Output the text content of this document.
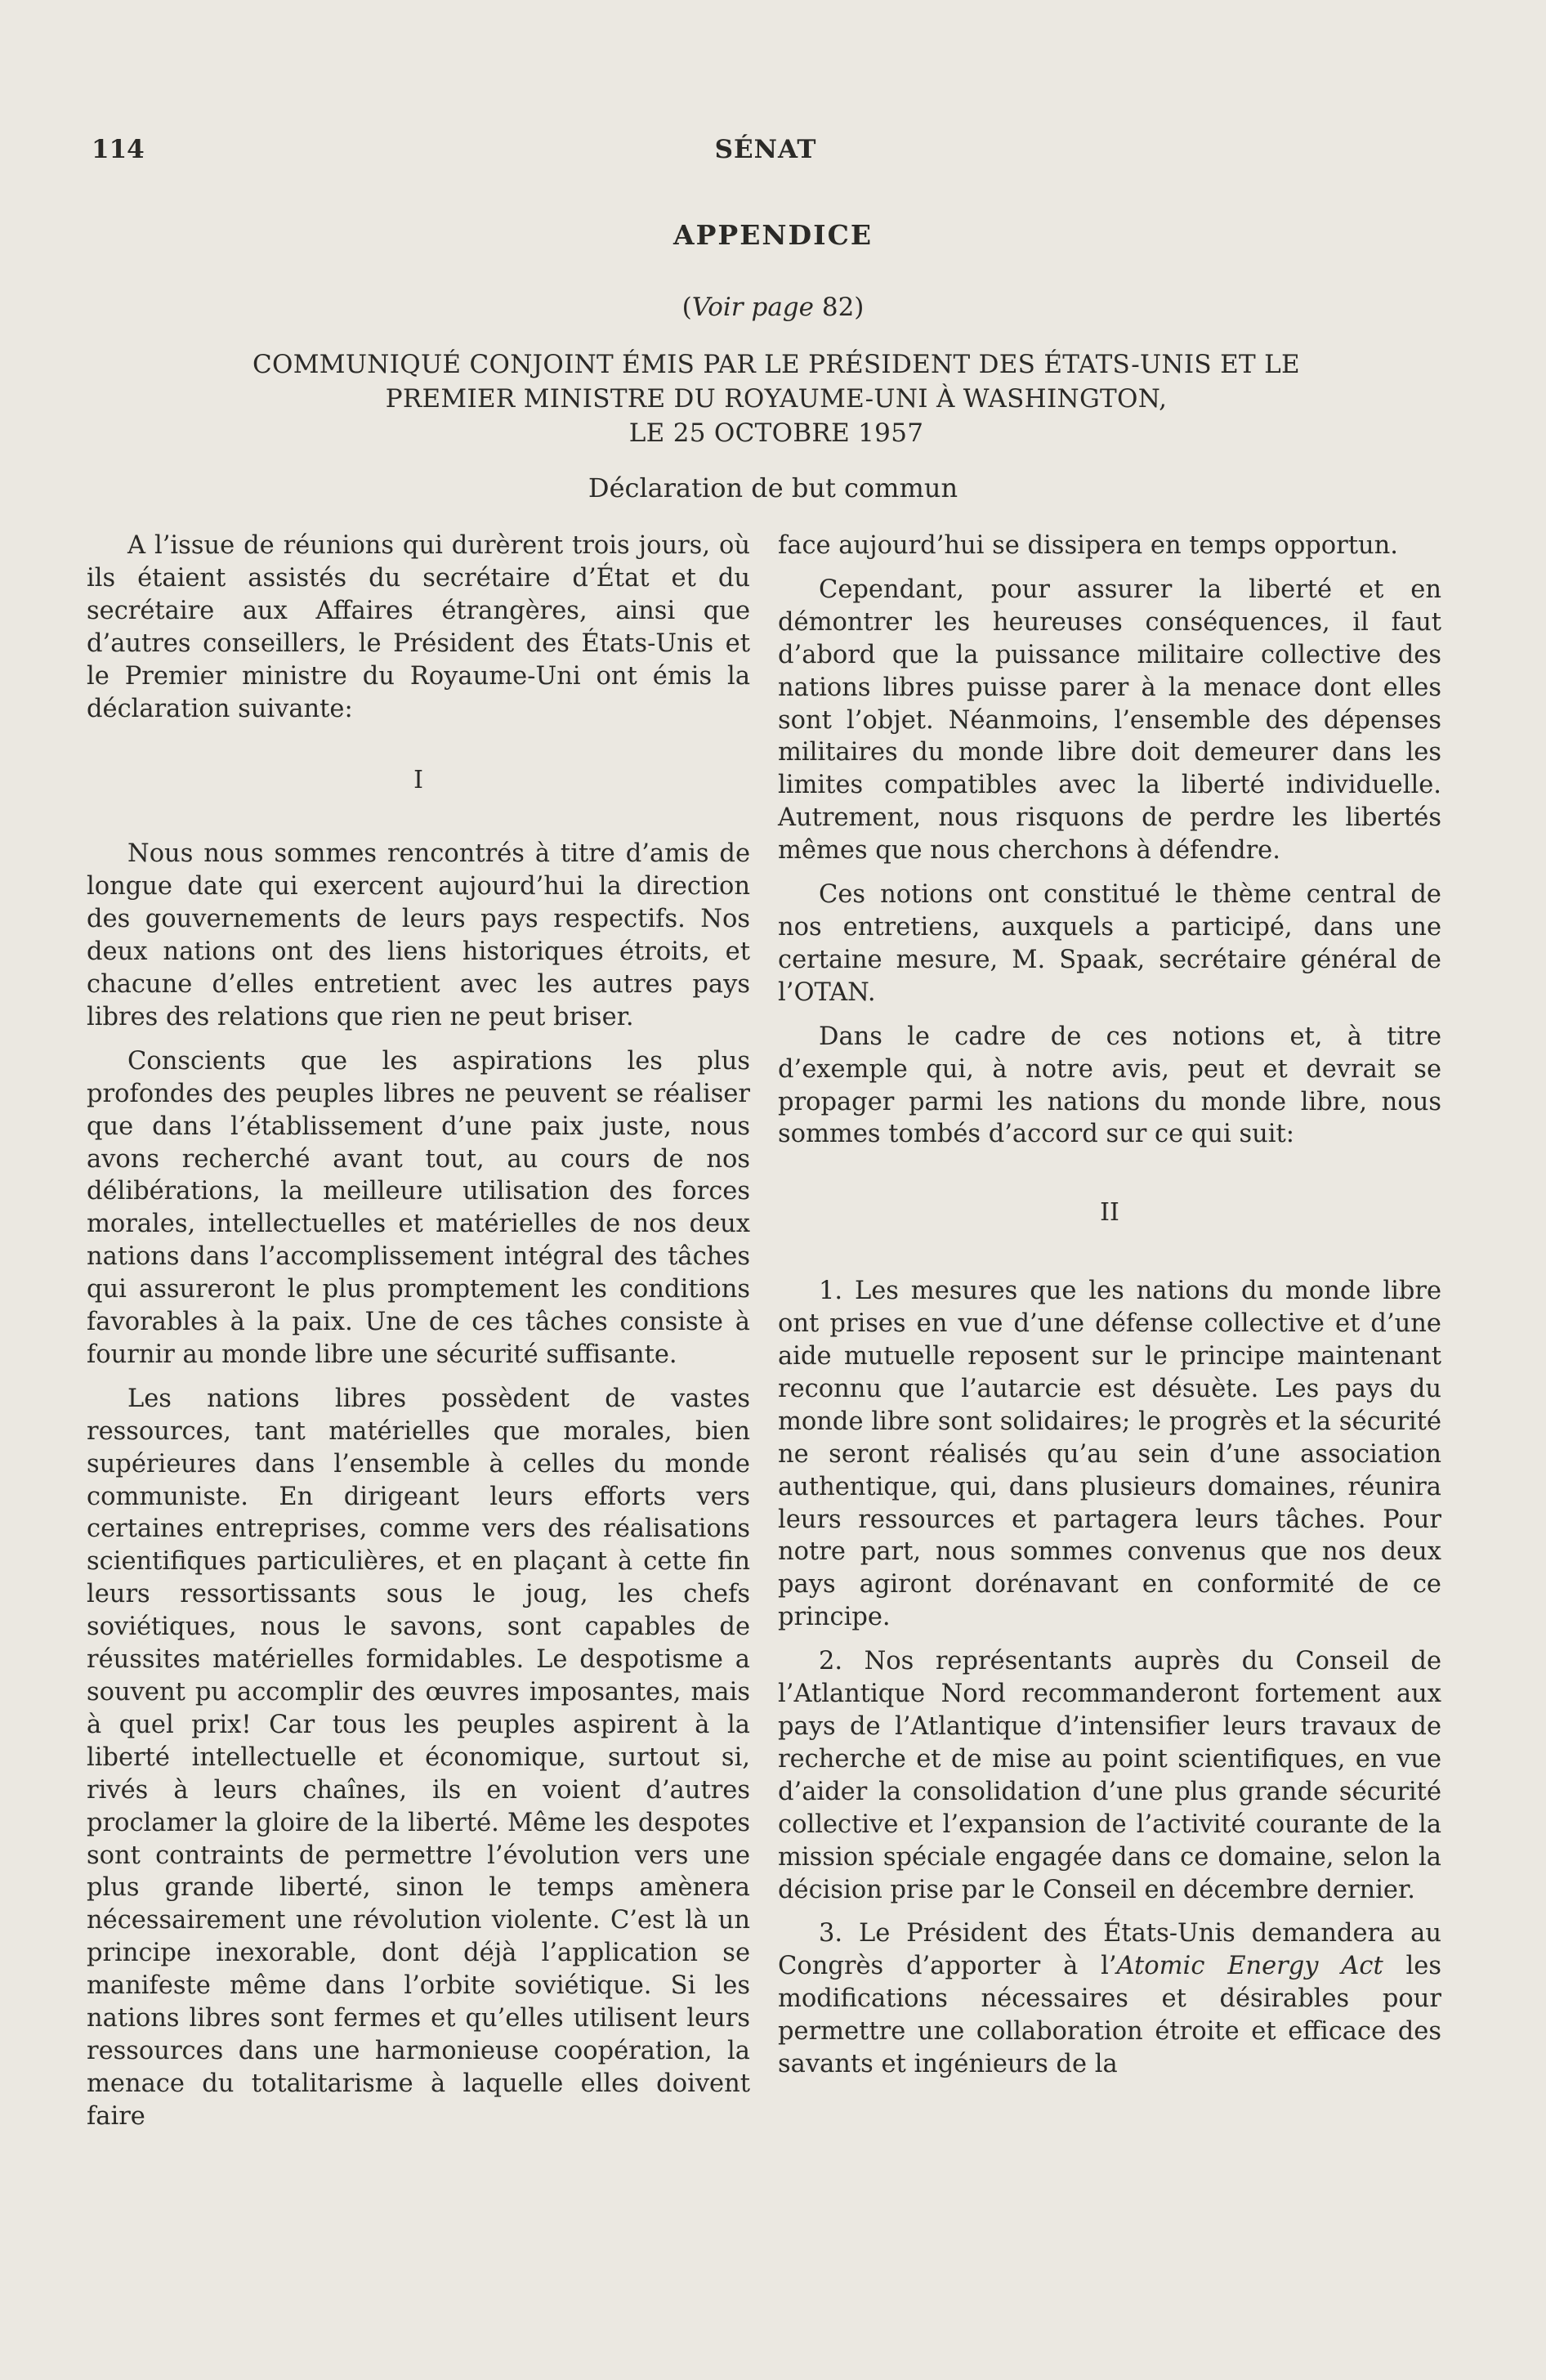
114	SÉNAT
APPENDICE
(Voir page 82)
COMMUNIQUÉ CONJOINT ÉMIS PAR LE PRÉSIDENT DES ÉTATS-UNIS ET LE
PREMIER MINISTRE DU ROYAUME-UNI À WASHINGTON,
LE 25 OCTOBRE 1957
Déclaration de but commun

A l’issue de réunions qui durèrent trois jours, où ils étaient assistés du secrétaire d’État et du secrétaire aux Affaires étrangères, ainsi que d’autres conseillers, le Président des États-Unis et le Premier ministre du Royaume-Uni ont émis la déclaration suivante:

I

Nous nous sommes rencontrés à titre d’amis de longue date qui exercent aujourd’hui la direction des gouvernements de leurs pays respectifs. Nos deux nations ont des liens historiques étroits, et chacune d’elles entretient avec les autres pays libres des relations que rien ne peut briser.

Conscients que les aspirations les plus profondes des peuples libres ne peuvent se réaliser que dans l’établissement d’une paix juste, nous avons recherché avant tout, au cours de nos délibérations, la meilleure utilisation des forces morales, intellectuelles et matérielles de nos deux nations dans l’accomplissement intégral des tâches qui assureront le plus promptement les conditions favorables à la paix. Une de ces tâches consiste à fournir au monde libre une sécurité suffisante.

Les nations libres possèdent de vastes ressources, tant matérielles que morales, bien supérieures dans l’ensemble à celles du monde communiste. En dirigeant leurs efforts vers certaines entreprises, comme vers des réalisations scientifiques particulières, et en plaçant à cette fin leurs ressortissants sous le joug, les chefs soviétiques, nous le savons, sont capables de réussites matérielles formidables. Le despotisme a souvent pu accomplir des œuvres imposantes, mais à quel prix! Car tous les peuples aspirent à la liberté intellectuelle et économique, surtout si, rivés à leurs chaînes, ils en voient d’autres proclamer la gloire de la liberté. Même les despotes sont contraints de permettre l’évolution vers une plus grande liberté, sinon le temps amènera nécessairement une révolution violente. C’est là un principe inexorable, dont déjà l’application se manifeste même dans l’orbite soviétique. Si les nations libres sont fermes et qu’elles utilisent leurs ressources dans une harmonieuse coopération, la menace du totalitarisme à laquelle elles doivent faire

face aujourd’hui se dissipera en temps opportun.

Cependant, pour assurer la liberté et en démontrer les heureuses conséquences, il faut d’abord que la puissance militaire collective des nations libres puisse parer à la menace dont elles sont l’objet. Néanmoins, l’ensemble des dépenses militaires du monde libre doit demeurer dans les limites compatibles avec la liberté individuelle. Autrement, nous risquons de perdre les libertés mêmes que nous cherchons à défendre.

Ces notions ont constitué le thème central de nos entretiens, auxquels a participé, dans une certaine mesure, M. Spaak, secrétaire général de l’OTAN.

Dans le cadre de ces notions et, à titre d’exemple qui, à notre avis, peut et devrait se propager parmi les nations du monde libre, nous sommes tombés d’accord sur ce qui suit:

II

1. Les mesures que les nations du monde libre ont prises en vue d’une défense collective et d’une aide mutuelle reposent sur le principe maintenant reconnu que l’autarcie est désuète. Les pays du monde libre sont solidaires; le progrès et la sécurité ne seront réalisés qu’au sein d’une association authentique, qui, dans plusieurs domaines, réunira leurs ressources et partagera leurs tâches. Pour notre part, nous sommes convenus que nos deux pays agiront dorénavant en conformité de ce principe.

2. Nos représentants auprès du Conseil de l’Atlantique Nord recommanderont fortement aux pays de l’Atlantique d’intensifier leurs travaux de recherche et de mise au point scientifiques, en vue d’aider la consolidation d’une plus grande sécurité collective et l’expansion de l’activité courante de la mission spéciale engagée dans ce domaine, selon la décision prise par le Conseil en décembre dernier.

3. Le Président des États-Unis demandera au Congrès d’apporter à l’Atomic Energy Act les modifications nécessaires et désirables pour permettre une collaboration étroite et efficace des savants et ingénieurs de la
